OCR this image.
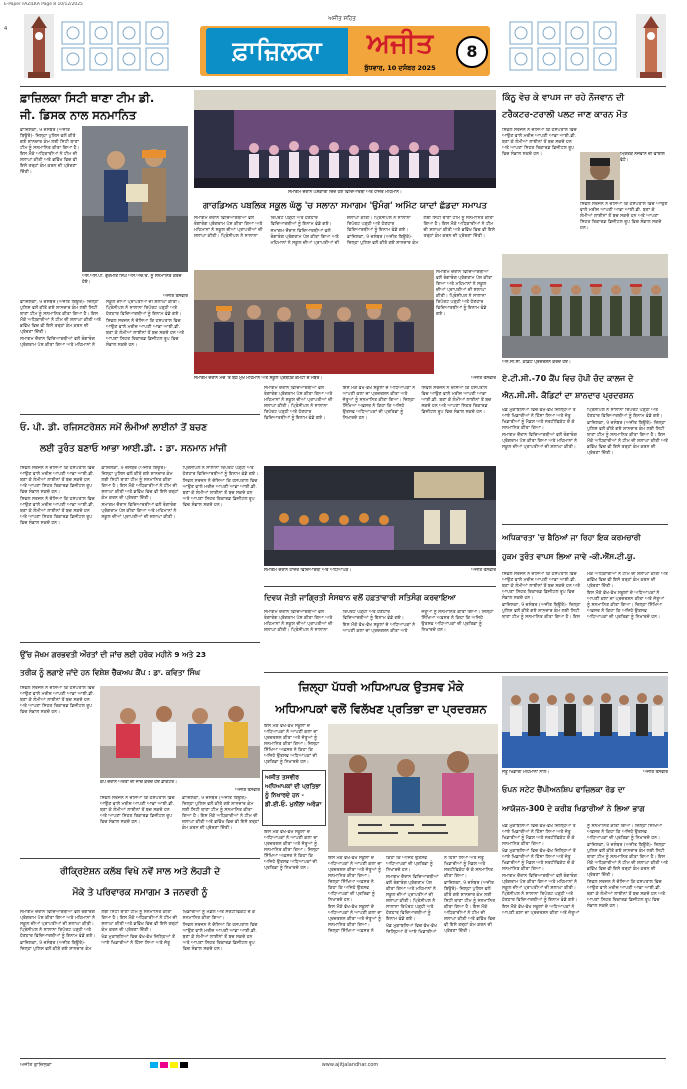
E-Paper FAZILKA Page 8 10/12/2025
4
ਅਜੀਤ ਸਹਿਤ
ਫ਼ਾਜ਼ਿਲਕਾ	ਅਜੀਤ
ਬੁੱਧਵਾਰ, 10 ਦਸੰਬਰ 2025
8
ਫ਼ਾਜ਼ਿਲਕਾ ਸਿਟੀ ਥਾਣਾ ਟੀਮ ਡੀ.
ਜੀ. ਡਿਸਕ ਨਾਲ ਸਨਮਾਨਿਤ
ਫ਼ਾਜ਼ਿਲਕਾ, 9 ਦਸੰਬਰ (ਅਜੀਤ ਬਿਊਰੋ)- ਜ਼ਿਲ੍ਹਾ ਪੁਲਿਸ ਵਲੋਂ ਕੀਤੇ ਗਏ ਸ਼ਾਨਦਾਰ ਕੰਮ ਲਈ ਸਿਟੀ ਥਾਣਾ ਟੀਮ ਨੂੰ ਸਨਮਾਨਿਤ ਕੀਤਾ ਗਿਆ ਹੈ। ਇਸ ਮੌਕੇ ਅਧਿਕਾਰੀਆਂ ਨੇ ਟੀਮ ਦੀ ਸ਼ਲਾਘਾ ਕੀਤੀ ਅਤੇ ਭਵਿੱਖ ਵਿਚ ਵੀ ਇਸੇ ਤਰ੍ਹਾਂ ਕੰਮ ਕਰਨ ਦੀ ਪ੍ਰੇਰਣਾ ਦਿੱਤੀ।
ਐਸ.ਐਸ.ਪੀ. ਗੁਰਮੀਤ ਸਿੰਘ ਐਸ.ਐਚ.ਓ. ਨੂੰ ਸਨਮਾਨਿਤ ਕਰਦੇ ਹੋਏ।
ਅਜੀਤ ਤਸਵੀਰ

ਫ਼ਾਜ਼ਿਲਕਾ, 9 ਦਸੰਬਰ (ਅਜੀਤ ਬਿਊਰੋ)- ਜ਼ਿਲ੍ਹਾ ਪੁਲਿਸ ਵਲੋਂ ਕੀਤੇ ਗਏ ਸ਼ਾਨਦਾਰ ਕੰਮ ਲਈ ਸਿਟੀ ਥਾਣਾ ਟੀਮ ਨੂੰ ਸਨਮਾਨਿਤ ਕੀਤਾ ਗਿਆ ਹੈ। ਇਸ ਮੌਕੇ ਅਧਿਕਾਰੀਆਂ ਨੇ ਟੀਮ ਦੀ ਸ਼ਲਾਘਾ ਕੀਤੀ ਅਤੇ ਭਵਿੱਖ ਵਿਚ ਵੀ ਇਸੇ ਤਰ੍ਹਾਂ ਕੰਮ ਕਰਨ ਦੀ ਪ੍ਰੇਰਣਾ ਦਿੱਤੀ।

ਸਮਾਗਮ ਦੌਰਾਨ ਵਿਦਿਆਰਥੀਆਂ ਵਲੋਂ ਰੰਗਾਰੰਗ ਪ੍ਰੋਗਰਾਮ ਪੇਸ਼ ਕੀਤਾ ਗਿਆ ਅਤੇ ਮਹਿਮਾਨਾਂ ਨੇ ਸਕੂਲ ਦੀਆਂ ਪ੍ਰਾਪਤੀਆਂ ਦੀ ਸ਼ਲਾਘਾ ਕੀਤੀ। ਪ੍ਰਿੰਸੀਪਲ ਨੇ ਸਾਲਾਨਾ ਰਿਪੋਰਟ ਪੜ੍ਹੀ ਅਤੇ ਹੋਣਹਾਰ ਵਿਦਿਆਰਥੀਆਂ ਨੂੰ ਇਨਾਮ ਵੰਡੇ ਗਏ।

ਸਿਵਲ ਸਰਜਨ ਨੇ ਦੱਸਿਆ ਕਿ ਹਸਪਤਾਲ ਵਿਚ ਆਉਣ ਵਾਲੇ ਮਰੀਜ਼ ਆਪਣੀ ਆਭਾ ਆਈ.ਡੀ. ਬਣਾ ਕੇ ਲੰਮੀਆਂ ਲਾਈਨਾਂ ਤੋਂ ਬਚ ਸਕਦੇ ਹਨ ਅਤੇ ਆਪਣਾ ਸਿਹਤ ਰਿਕਾਰਡ ਡਿਜੀਟਲ ਰੂਪ ਵਿਚ ਸੰਭਾਲ ਸਕਦੇ ਹਨ।

ਸਮਾਗਮ ਦੌਰਾਨ ਪੇਸ਼ਕਾਰੀ ਦਿੰਦੇ ਹੋਏ ਵਿਦਿਆਰਥੀ ਅਤੇ ਹਾਜ਼ਰ ਮਹਿਮਾਨ।
ਗਾਰਡਿਅਨ ਪਬਲਿਕ ਸਕੂਲ ਘੱਲੂ 'ਚ ਸਲਾਨਾ ਸਮਾਗਮ 'ਉਮੰਗ' ਅਮਿੱਟ ਯਾਦਾਂ ਛੱਡਦਾ ਸਮਾਪਤ

ਸਮਾਗਮ ਦੌਰਾਨ ਵਿਦਿਆਰਥੀਆਂ ਵਲੋਂ ਰੰਗਾਰੰਗ ਪ੍ਰੋਗਰਾਮ ਪੇਸ਼ ਕੀਤਾ ਗਿਆ ਅਤੇ ਮਹਿਮਾਨਾਂ ਨੇ ਸਕੂਲ ਦੀਆਂ ਪ੍ਰਾਪਤੀਆਂ ਦੀ ਸ਼ਲਾਘਾ ਕੀਤੀ। ਪ੍ਰਿੰਸੀਪਲ ਨੇ ਸਾਲਾਨਾ ਰਿਪੋਰਟ ਪੜ੍ਹੀ ਅਤੇ ਹੋਣਹਾਰ ਵਿਦਿਆਰਥੀਆਂ ਨੂੰ ਇਨਾਮ ਵੰਡੇ ਗਏ।

ਸਮਾਗਮ ਦੌਰਾਨ ਵਿਦਿਆਰਥੀਆਂ ਵਲੋਂ ਰੰਗਾਰੰਗ ਪ੍ਰੋਗਰਾਮ ਪੇਸ਼ ਕੀਤਾ ਗਿਆ ਅਤੇ ਮਹਿਮਾਨਾਂ ਨੇ ਸਕੂਲ ਦੀਆਂ ਪ੍ਰਾਪਤੀਆਂ ਦੀ ਸ਼ਲਾਘਾ ਕੀਤੀ। ਪ੍ਰਿੰਸੀਪਲ ਨੇ ਸਾਲਾਨਾ ਰਿਪੋਰਟ ਪੜ੍ਹੀ ਅਤੇ ਹੋਣਹਾਰ ਵਿਦਿਆਰਥੀਆਂ ਨੂੰ ਇਨਾਮ ਵੰਡੇ ਗਏ।

ਫ਼ਾਜ਼ਿਲਕਾ, 9 ਦਸੰਬਰ (ਅਜੀਤ ਬਿਊਰੋ)- ਜ਼ਿਲ੍ਹਾ ਪੁਲਿਸ ਵਲੋਂ ਕੀਤੇ ਗਏ ਸ਼ਾਨਦਾਰ ਕੰਮ ਲਈ ਸਿਟੀ ਥਾਣਾ ਟੀਮ ਨੂੰ ਸਨਮਾਨਿਤ ਕੀਤਾ ਗਿਆ ਹੈ। ਇਸ ਮੌਕੇ ਅਧਿਕਾਰੀਆਂ ਨੇ ਟੀਮ ਦੀ ਸ਼ਲਾਘਾ ਕੀਤੀ ਅਤੇ ਭਵਿੱਖ ਵਿਚ ਵੀ ਇਸੇ ਤਰ੍ਹਾਂ ਕੰਮ ਕਰਨ ਦੀ ਪ੍ਰੇਰਣਾ ਦਿੱਤੀ।

ਸਮਾਗਮ ਦੌਰਾਨ ਵਿਦਿਆਰਥੀਆਂ ਵਲੋਂ ਰੰਗਾਰੰਗ ਪ੍ਰੋਗਰਾਮ ਪੇਸ਼ ਕੀਤਾ ਗਿਆ ਅਤੇ ਮਹਿਮਾਨਾਂ ਨੇ ਸਕੂਲ ਦੀਆਂ ਪ੍ਰਾਪਤੀਆਂ ਦੀ ਸ਼ਲਾਘਾ ਕੀਤੀ। ਪ੍ਰਿੰਸੀਪਲ ਨੇ ਸਾਲਾਨਾ ਰਿਪੋਰਟ ਪੜ੍ਹੀ ਅਤੇ ਹੋਣਹਾਰ ਵਿਦਿਆਰਥੀਆਂ ਨੂੰ ਇਨਾਮ ਵੰਡੇ ਗਏ।
ਸਮਾਗਮ ਦੌਰਾਨ ਮੰਚ 'ਤੇ ਬੈਠੇ ਮੁੱਖ ਮਹਿਮਾਨ ਅਤੇ ਸਕੂਲ ਪ੍ਰਬੰਧਕ ਕਮੇਟੀ ਦੇ ਮੈਂਬਰ।	ਅਜੀਤ ਤਸਵੀਰ
ਕਿੰਨੂ ਵੇਚ ਕੇ ਵਾਪਸ ਜਾ ਰਹੇ ਨੌਜਵਾਨ ਦੀ
ਟਰੈਕਟਰ-ਟਰਾਲੀ ਪਲਟ ਜਾਣ ਕਾਰਨ ਮੌਤ
ਸਿਵਲ ਸਰਜਨ ਨੇ ਦੱਸਿਆ ਕਿ ਹਸਪਤਾਲ ਵਿਚ ਆਉਣ ਵਾਲੇ ਮਰੀਜ਼ ਆਪਣੀ ਆਭਾ ਆਈ.ਡੀ. ਬਣਾ ਕੇ ਲੰਮੀਆਂ ਲਾਈਨਾਂ ਤੋਂ ਬਚ ਸਕਦੇ ਹਨ ਅਤੇ ਆਪਣਾ ਸਿਹਤ ਰਿਕਾਰਡ ਡਿਜੀਟਲ ਰੂਪ ਵਿਚ ਸੰਭਾਲ ਸਕਦੇ ਹਨ।	ਮ੍ਰਿਤਕ ਨੌਜਵਾਨ ਦੀ ਫਾਈਲ ਫੋਟੋ।
ਸਿਵਲ ਸਰਜਨ ਨੇ ਦੱਸਿਆ ਕਿ ਹਸਪਤਾਲ ਵਿਚ ਆਉਣ ਵਾਲੇ ਮਰੀਜ਼ ਆਪਣੀ ਆਭਾ ਆਈ.ਡੀ. ਬਣਾ ਕੇ ਲੰਮੀਆਂ ਲਾਈਨਾਂ ਤੋਂ ਬਚ ਸਕਦੇ ਹਨ ਅਤੇ ਆਪਣਾ ਸਿਹਤ ਰਿਕਾਰਡ ਡਿਜੀਟਲ ਰੂਪ ਵਿਚ ਸੰਭਾਲ ਸਕਦੇ ਹਨ।
ਐਨ.ਸੀ.ਸੀ. ਕੈਡਿਟ ਪ੍ਰਦਰਸ਼ਨ ਕਰਦੇ ਹੋਏ।
ਏ.ਟੀ.ਸੀ.-70 ਕੈਂਪ ਵਿਚ ਹੋਪੀ ਚੰਦ ਕਾਲਜ ਦੇ
ਐਨ.ਸੀ.ਸੀ. ਕੈਡਿਟਾਂ ਦਾ ਸ਼ਾਨਦਾਰ ਪ੍ਰਦਰਸ਼ਨ

ਖੇਡ ਮੁਕਾਬਲਿਆਂ ਵਿਚ ਵੱਖ-ਵੱਖ ਜ਼ਿਲ੍ਹਿਆਂ ਤੋਂ ਆਏ ਖਿਡਾਰੀਆਂ ਨੇ ਹਿੱਸਾ ਲਿਆ ਅਤੇ ਜੇਤੂ ਖਿਡਾਰੀਆਂ ਨੂੰ ਮੈਡਲ ਅਤੇ ਸਰਟੀਫਿਕੇਟ ਦੇ ਕੇ ਸਨਮਾਨਿਤ ਕੀਤਾ ਗਿਆ।

ਸਮਾਗਮ ਦੌਰਾਨ ਵਿਦਿਆਰਥੀਆਂ ਵਲੋਂ ਰੰਗਾਰੰਗ ਪ੍ਰੋਗਰਾਮ ਪੇਸ਼ ਕੀਤਾ ਗਿਆ ਅਤੇ ਮਹਿਮਾਨਾਂ ਨੇ ਸਕੂਲ ਦੀਆਂ ਪ੍ਰਾਪਤੀਆਂ ਦੀ ਸ਼ਲਾਘਾ ਕੀਤੀ। ਪ੍ਰਿੰਸੀਪਲ ਨੇ ਸਾਲਾਨਾ ਰਿਪੋਰਟ ਪੜ੍ਹੀ ਅਤੇ ਹੋਣਹਾਰ ਵਿਦਿਆਰਥੀਆਂ ਨੂੰ ਇਨਾਮ ਵੰਡੇ ਗਏ।

ਫ਼ਾਜ਼ਿਲਕਾ, 9 ਦਸੰਬਰ (ਅਜੀਤ ਬਿਊਰੋ)- ਜ਼ਿਲ੍ਹਾ ਪੁਲਿਸ ਵਲੋਂ ਕੀਤੇ ਗਏ ਸ਼ਾਨਦਾਰ ਕੰਮ ਲਈ ਸਿਟੀ ਥਾਣਾ ਟੀਮ ਨੂੰ ਸਨਮਾਨਿਤ ਕੀਤਾ ਗਿਆ ਹੈ। ਇਸ ਮੌਕੇ ਅਧਿਕਾਰੀਆਂ ਨੇ ਟੀਮ ਦੀ ਸ਼ਲਾਘਾ ਕੀਤੀ ਅਤੇ ਭਵਿੱਖ ਵਿਚ ਵੀ ਇਸੇ ਤਰ੍ਹਾਂ ਕੰਮ ਕਰਨ ਦੀ ਪ੍ਰੇਰਣਾ ਦਿੱਤੀ।

ਸਮਾਗਮ ਦੌਰਾਨ ਵਿਦਿਆਰਥੀਆਂ ਵਲੋਂ ਰੰਗਾਰੰਗ ਪ੍ਰੋਗਰਾਮ ਪੇਸ਼ ਕੀਤਾ ਗਿਆ ਅਤੇ ਮਹਿਮਾਨਾਂ ਨੇ ਸਕੂਲ ਦੀਆਂ ਪ੍ਰਾਪਤੀਆਂ ਦੀ ਸ਼ਲਾਘਾ ਕੀਤੀ। ਪ੍ਰਿੰਸੀਪਲ ਨੇ ਸਾਲਾਨਾ ਰਿਪੋਰਟ ਪੜ੍ਹੀ ਅਤੇ ਹੋਣਹਾਰ ਵਿਦਿਆਰਥੀਆਂ ਨੂੰ ਇਨਾਮ ਵੰਡੇ ਗਏ।

ਇਸ ਮੌਕੇ ਵੱਖ-ਵੱਖ ਸਕੂਲਾਂ ਦੇ ਅਧਿਆਪਕਾਂ ਨੇ ਆਪਣੀ ਕਲਾ ਦਾ ਪ੍ਰਦਰਸ਼ਨ ਕੀਤਾ ਅਤੇ ਜੇਤੂਆਂ ਨੂੰ ਸਨਮਾਨਿਤ ਕੀਤਾ ਗਿਆ। ਜ਼ਿਲ੍ਹਾ ਸਿੱਖਿਆ ਅਫ਼ਸਰ ਨੇ ਕਿਹਾ ਕਿ ਅਜਿਹੇ ਉਤਸਵ ਅਧਿਆਪਕਾਂ ਦੀ ਪ੍ਰਤਿਭਾ ਨੂੰ ਨਿਖਾਰਦੇ ਹਨ।

ਸਿਵਲ ਸਰਜਨ ਨੇ ਦੱਸਿਆ ਕਿ ਹਸਪਤਾਲ ਵਿਚ ਆਉਣ ਵਾਲੇ ਮਰੀਜ਼ ਆਪਣੀ ਆਭਾ ਆਈ.ਡੀ. ਬਣਾ ਕੇ ਲੰਮੀਆਂ ਲਾਈਨਾਂ ਤੋਂ ਬਚ ਸਕਦੇ ਹਨ ਅਤੇ ਆਪਣਾ ਸਿਹਤ ਰਿਕਾਰਡ ਡਿਜੀਟਲ ਰੂਪ ਵਿਚ ਸੰਭਾਲ ਸਕਦੇ ਹਨ।

ਓ. ਪੀ. ਡੀ. ਰਜਿਸਟਰੇਸ਼ਨ ਸਮੇਂ ਲੰਮੀਆਂ ਲਾਈਨਾਂ ਤੋਂ ਬਚਣ
ਲਈ ਤੁਰੰਤ ਬਣਾਓ ਆਭਾ ਆਈ.ਡੀ. : ਡਾ. ਸਨਮਾਨ ਮਾਂਜੀ

ਸਿਵਲ ਸਰਜਨ ਨੇ ਦੱਸਿਆ ਕਿ ਹਸਪਤਾਲ ਵਿਚ ਆਉਣ ਵਾਲੇ ਮਰੀਜ਼ ਆਪਣੀ ਆਭਾ ਆਈ.ਡੀ. ਬਣਾ ਕੇ ਲੰਮੀਆਂ ਲਾਈਨਾਂ ਤੋਂ ਬਚ ਸਕਦੇ ਹਨ ਅਤੇ ਆਪਣਾ ਸਿਹਤ ਰਿਕਾਰਡ ਡਿਜੀਟਲ ਰੂਪ ਵਿਚ ਸੰਭਾਲ ਸਕਦੇ ਹਨ।

ਸਿਵਲ ਸਰਜਨ ਨੇ ਦੱਸਿਆ ਕਿ ਹਸਪਤਾਲ ਵਿਚ ਆਉਣ ਵਾਲੇ ਮਰੀਜ਼ ਆਪਣੀ ਆਭਾ ਆਈ.ਡੀ. ਬਣਾ ਕੇ ਲੰਮੀਆਂ ਲਾਈਨਾਂ ਤੋਂ ਬਚ ਸਕਦੇ ਹਨ ਅਤੇ ਆਪਣਾ ਸਿਹਤ ਰਿਕਾਰਡ ਡਿਜੀਟਲ ਰੂਪ ਵਿਚ ਸੰਭਾਲ ਸਕਦੇ ਹਨ।

ਫ਼ਾਜ਼ਿਲਕਾ, 9 ਦਸੰਬਰ (ਅਜੀਤ ਬਿਊਰੋ)- ਜ਼ਿਲ੍ਹਾ ਪੁਲਿਸ ਵਲੋਂ ਕੀਤੇ ਗਏ ਸ਼ਾਨਦਾਰ ਕੰਮ ਲਈ ਸਿਟੀ ਥਾਣਾ ਟੀਮ ਨੂੰ ਸਨਮਾਨਿਤ ਕੀਤਾ ਗਿਆ ਹੈ। ਇਸ ਮੌਕੇ ਅਧਿਕਾਰੀਆਂ ਨੇ ਟੀਮ ਦੀ ਸ਼ਲਾਘਾ ਕੀਤੀ ਅਤੇ ਭਵਿੱਖ ਵਿਚ ਵੀ ਇਸੇ ਤਰ੍ਹਾਂ ਕੰਮ ਕਰਨ ਦੀ ਪ੍ਰੇਰਣਾ ਦਿੱਤੀ।

ਸਮਾਗਮ ਦੌਰਾਨ ਵਿਦਿਆਰਥੀਆਂ ਵਲੋਂ ਰੰਗਾਰੰਗ ਪ੍ਰੋਗਰਾਮ ਪੇਸ਼ ਕੀਤਾ ਗਿਆ ਅਤੇ ਮਹਿਮਾਨਾਂ ਨੇ ਸਕੂਲ ਦੀਆਂ ਪ੍ਰਾਪਤੀਆਂ ਦੀ ਸ਼ਲਾਘਾ ਕੀਤੀ। ਪ੍ਰਿੰਸੀਪਲ ਨੇ ਸਾਲਾਨਾ ਰਿਪੋਰਟ ਪੜ੍ਹੀ ਅਤੇ ਹੋਣਹਾਰ ਵਿਦਿਆਰਥੀਆਂ ਨੂੰ ਇਨਾਮ ਵੰਡੇ ਗਏ।

ਸਿਵਲ ਸਰਜਨ ਨੇ ਦੱਸਿਆ ਕਿ ਹਸਪਤਾਲ ਵਿਚ ਆਉਣ ਵਾਲੇ ਮਰੀਜ਼ ਆਪਣੀ ਆਭਾ ਆਈ.ਡੀ. ਬਣਾ ਕੇ ਲੰਮੀਆਂ ਲਾਈਨਾਂ ਤੋਂ ਬਚ ਸਕਦੇ ਹਨ ਅਤੇ ਆਪਣਾ ਸਿਹਤ ਰਿਕਾਰਡ ਡਿਜੀਟਲ ਰੂਪ ਵਿਚ ਸੰਭਾਲ ਸਕਦੇ ਹਨ।

ਸਮਾਗਮ ਦੌਰਾਨ ਹਾਜ਼ਰ ਵਿਦਿਆਰਥੀ ਅਤੇ ਅਧਿਆਪਕ।	ਅਜੀਤ ਤਸਵੀਰ
ਦਿਵਯ ਜੋਤੀ ਜਾਗ੍ਰਿਤੀ ਸੰਸਥਾਨ ਵਲੋਂ ਹਫ਼ਤਾਵਾਰੀ ਸਤਿਸੰਗ ਕਰਵਾਇਆ

ਸਮਾਗਮ ਦੌਰਾਨ ਵਿਦਿਆਰਥੀਆਂ ਵਲੋਂ ਰੰਗਾਰੰਗ ਪ੍ਰੋਗਰਾਮ ਪੇਸ਼ ਕੀਤਾ ਗਿਆ ਅਤੇ ਮਹਿਮਾਨਾਂ ਨੇ ਸਕੂਲ ਦੀਆਂ ਪ੍ਰਾਪਤੀਆਂ ਦੀ ਸ਼ਲਾਘਾ ਕੀਤੀ। ਪ੍ਰਿੰਸੀਪਲ ਨੇ ਸਾਲਾਨਾ ਰਿਪੋਰਟ ਪੜ੍ਹੀ ਅਤੇ ਹੋਣਹਾਰ ਵਿਦਿਆਰਥੀਆਂ ਨੂੰ ਇਨਾਮ ਵੰਡੇ ਗਏ।

ਇਸ ਮੌਕੇ ਵੱਖ-ਵੱਖ ਸਕੂਲਾਂ ਦੇ ਅਧਿਆਪਕਾਂ ਨੇ ਆਪਣੀ ਕਲਾ ਦਾ ਪ੍ਰਦਰਸ਼ਨ ਕੀਤਾ ਅਤੇ ਜੇਤੂਆਂ ਨੂੰ ਸਨਮਾਨਿਤ ਕੀਤਾ ਗਿਆ। ਜ਼ਿਲ੍ਹਾ ਸਿੱਖਿਆ ਅਫ਼ਸਰ ਨੇ ਕਿਹਾ ਕਿ ਅਜਿਹੇ ਉਤਸਵ ਅਧਿਆਪਕਾਂ ਦੀ ਪ੍ਰਤਿਭਾ ਨੂੰ ਨਿਖਾਰਦੇ ਹਨ।

ਅਧਿਕਾਰਤਾ 'ਚ ਬੈਠਿਆਂ ਜਾ ਰਿਹਾ ਇਕ ਕਰਮਚਾਰੀ
ਹੁਕਮ ਤੁਰੰਤ ਵਾਪਸ ਲਿਆ ਜਾਵੇ -ਕੀ.ਐੱਸ.ਟੀ.ਯੂ.

ਸਿਵਲ ਸਰਜਨ ਨੇ ਦੱਸਿਆ ਕਿ ਹਸਪਤਾਲ ਵਿਚ ਆਉਣ ਵਾਲੇ ਮਰੀਜ਼ ਆਪਣੀ ਆਭਾ ਆਈ.ਡੀ. ਬਣਾ ਕੇ ਲੰਮੀਆਂ ਲਾਈਨਾਂ ਤੋਂ ਬਚ ਸਕਦੇ ਹਨ ਅਤੇ ਆਪਣਾ ਸਿਹਤ ਰਿਕਾਰਡ ਡਿਜੀਟਲ ਰੂਪ ਵਿਚ ਸੰਭਾਲ ਸਕਦੇ ਹਨ।

ਫ਼ਾਜ਼ਿਲਕਾ, 9 ਦਸੰਬਰ (ਅਜੀਤ ਬਿਊਰੋ)- ਜ਼ਿਲ੍ਹਾ ਪੁਲਿਸ ਵਲੋਂ ਕੀਤੇ ਗਏ ਸ਼ਾਨਦਾਰ ਕੰਮ ਲਈ ਸਿਟੀ ਥਾਣਾ ਟੀਮ ਨੂੰ ਸਨਮਾਨਿਤ ਕੀਤਾ ਗਿਆ ਹੈ। ਇਸ ਮੌਕੇ ਅਧਿਕਾਰੀਆਂ ਨੇ ਟੀਮ ਦੀ ਸ਼ਲਾਘਾ ਕੀਤੀ ਅਤੇ ਭਵਿੱਖ ਵਿਚ ਵੀ ਇਸੇ ਤਰ੍ਹਾਂ ਕੰਮ ਕਰਨ ਦੀ ਪ੍ਰੇਰਣਾ ਦਿੱਤੀ।

ਇਸ ਮੌਕੇ ਵੱਖ-ਵੱਖ ਸਕੂਲਾਂ ਦੇ ਅਧਿਆਪਕਾਂ ਨੇ ਆਪਣੀ ਕਲਾ ਦਾ ਪ੍ਰਦਰਸ਼ਨ ਕੀਤਾ ਅਤੇ ਜੇਤੂਆਂ ਨੂੰ ਸਨਮਾਨਿਤ ਕੀਤਾ ਗਿਆ। ਜ਼ਿਲ੍ਹਾ ਸਿੱਖਿਆ ਅਫ਼ਸਰ ਨੇ ਕਿਹਾ ਕਿ ਅਜਿਹੇ ਉਤਸਵ ਅਧਿਆਪਕਾਂ ਦੀ ਪ੍ਰਤਿਭਾ ਨੂੰ ਨਿਖਾਰਦੇ ਹਨ।

ਉੱਚ ਜੋਖਮ ਗਰਭਵਤੀ ਔਰਤਾਂ ਦੀ ਜਾਂਚ ਲਈ ਹਰੇਕ ਮਹੀਨੇ 9 ਅਤੇ 23
ਤਰੀਕ ਨੂੰ ਲਗਾਏ ਜਾਂਦੇ ਹਨ ਵਿਸ਼ੇਸ਼ ਚੈੱਕਅਪ ਕੈਂਪ : ਡਾ. ਕਵਿਤਾ ਸਿੰਘ
ਸਿਵਲ ਸਰਜਨ ਨੇ ਦੱਸਿਆ ਕਿ ਹਸਪਤਾਲ ਵਿਚ ਆਉਣ ਵਾਲੇ ਮਰੀਜ਼ ਆਪਣੀ ਆਭਾ ਆਈ.ਡੀ. ਬਣਾ ਕੇ ਲੰਮੀਆਂ ਲਾਈਨਾਂ ਤੋਂ ਬਚ ਸਕਦੇ ਹਨ ਅਤੇ ਆਪਣਾ ਸਿਹਤ ਰਿਕਾਰਡ ਡਿਜੀਟਲ ਰੂਪ ਵਿਚ ਸੰਭਾਲ ਸਕਦੇ ਹਨ।
ਕੈਂਪ ਦੌਰਾਨ ਔਰਤਾਂ ਦੀ ਜਾਂਚ ਕਰਦੇ ਹੋਏ ਡਾਕਟਰ।
ਅਜੀਤ ਤਸਵੀਰ

ਸਿਵਲ ਸਰਜਨ ਨੇ ਦੱਸਿਆ ਕਿ ਹਸਪਤਾਲ ਵਿਚ ਆਉਣ ਵਾਲੇ ਮਰੀਜ਼ ਆਪਣੀ ਆਭਾ ਆਈ.ਡੀ. ਬਣਾ ਕੇ ਲੰਮੀਆਂ ਲਾਈਨਾਂ ਤੋਂ ਬਚ ਸਕਦੇ ਹਨ ਅਤੇ ਆਪਣਾ ਸਿਹਤ ਰਿਕਾਰਡ ਡਿਜੀਟਲ ਰੂਪ ਵਿਚ ਸੰਭਾਲ ਸਕਦੇ ਹਨ।

ਫ਼ਾਜ਼ਿਲਕਾ, 9 ਦਸੰਬਰ (ਅਜੀਤ ਬਿਊਰੋ)- ਜ਼ਿਲ੍ਹਾ ਪੁਲਿਸ ਵਲੋਂ ਕੀਤੇ ਗਏ ਸ਼ਾਨਦਾਰ ਕੰਮ ਲਈ ਸਿਟੀ ਥਾਣਾ ਟੀਮ ਨੂੰ ਸਨਮਾਨਿਤ ਕੀਤਾ ਗਿਆ ਹੈ। ਇਸ ਮੌਕੇ ਅਧਿਕਾਰੀਆਂ ਨੇ ਟੀਮ ਦੀ ਸ਼ਲਾਘਾ ਕੀਤੀ ਅਤੇ ਭਵਿੱਖ ਵਿਚ ਵੀ ਇਸੇ ਤਰ੍ਹਾਂ ਕੰਮ ਕਰਨ ਦੀ ਪ੍ਰੇਰਣਾ ਦਿੱਤੀ।

ਜ਼ਿਲ੍ਹਾ ਪੱਧਰੀ ਅਧਿਆਪਕ ਉਤਸਵ ਮੌਕੇ
ਅਧਿਆਪਕਾਂ ਵਲੋਂ ਵਿਲੱਖਣ ਪ੍ਰਤਿਭਾ ਦਾ ਪ੍ਰਦਰਸ਼ਨ
ਇਸ ਮੌਕੇ ਵੱਖ-ਵੱਖ ਸਕੂਲਾਂ ਦੇ ਅਧਿਆਪਕਾਂ ਨੇ ਆਪਣੀ ਕਲਾ ਦਾ ਪ੍ਰਦਰਸ਼ਨ ਕੀਤਾ ਅਤੇ ਜੇਤੂਆਂ ਨੂੰ ਸਨਮਾਨਿਤ ਕੀਤਾ ਗਿਆ। ਜ਼ਿਲ੍ਹਾ ਸਿੱਖਿਆ ਅਫ਼ਸਰ ਨੇ ਕਿਹਾ ਕਿ ਅਜਿਹੇ ਉਤਸਵ ਅਧਿਆਪਕਾਂ ਦੀ ਪ੍ਰਤਿਭਾ ਨੂੰ ਨਿਖਾਰਦੇ ਹਨ।
ਅਜੀਤ ਤਸਵੀਰ ਅਧਿਆਪਕਾਂ ਦੀ ਪ੍ਰਤਿਭਾ ਨੂੰ ਨਿਖਾਰਦੇ ਹਨ - ਡੀ.ਈ.ਓ. ਮੁਨੀਲਾ ਅਰੋੜਾ
ਇਸ ਮੌਕੇ ਵੱਖ-ਵੱਖ ਸਕੂਲਾਂ ਦੇ ਅਧਿਆਪਕਾਂ ਨੇ ਆਪਣੀ ਕਲਾ ਦਾ ਪ੍ਰਦਰਸ਼ਨ ਕੀਤਾ ਅਤੇ ਜੇਤੂਆਂ ਨੂੰ ਸਨਮਾਨਿਤ ਕੀਤਾ ਗਿਆ। ਜ਼ਿਲ੍ਹਾ ਸਿੱਖਿਆ ਅਫ਼ਸਰ ਨੇ ਕਿਹਾ ਕਿ ਅਜਿਹੇ ਉਤਸਵ ਅਧਿਆਪਕਾਂ ਦੀ ਪ੍ਰਤਿਭਾ ਨੂੰ ਨਿਖਾਰਦੇ ਹਨ।

ਇਸ ਮੌਕੇ ਵੱਖ-ਵੱਖ ਸਕੂਲਾਂ ਦੇ ਅਧਿਆਪਕਾਂ ਨੇ ਆਪਣੀ ਕਲਾ ਦਾ ਪ੍ਰਦਰਸ਼ਨ ਕੀਤਾ ਅਤੇ ਜੇਤੂਆਂ ਨੂੰ ਸਨਮਾਨਿਤ ਕੀਤਾ ਗਿਆ। ਜ਼ਿਲ੍ਹਾ ਸਿੱਖਿਆ ਅਫ਼ਸਰ ਨੇ ਕਿਹਾ ਕਿ ਅਜਿਹੇ ਉਤਸਵ ਅਧਿਆਪਕਾਂ ਦੀ ਪ੍ਰਤਿਭਾ ਨੂੰ ਨਿਖਾਰਦੇ ਹਨ।

ਇਸ ਮੌਕੇ ਵੱਖ-ਵੱਖ ਸਕੂਲਾਂ ਦੇ ਅਧਿਆਪਕਾਂ ਨੇ ਆਪਣੀ ਕਲਾ ਦਾ ਪ੍ਰਦਰਸ਼ਨ ਕੀਤਾ ਅਤੇ ਜੇਤੂਆਂ ਨੂੰ ਸਨਮਾਨਿਤ ਕੀਤਾ ਗਿਆ। ਜ਼ਿਲ੍ਹਾ ਸਿੱਖਿਆ ਅਫ਼ਸਰ ਨੇ ਕਿਹਾ ਕਿ ਅਜਿਹੇ ਉਤਸਵ ਅਧਿਆਪਕਾਂ ਦੀ ਪ੍ਰਤਿਭਾ ਨੂੰ ਨਿਖਾਰਦੇ ਹਨ।

ਸਮਾਗਮ ਦੌਰਾਨ ਵਿਦਿਆਰਥੀਆਂ ਵਲੋਂ ਰੰਗਾਰੰਗ ਪ੍ਰੋਗਰਾਮ ਪੇਸ਼ ਕੀਤਾ ਗਿਆ ਅਤੇ ਮਹਿਮਾਨਾਂ ਨੇ ਸਕੂਲ ਦੀਆਂ ਪ੍ਰਾਪਤੀਆਂ ਦੀ ਸ਼ਲਾਘਾ ਕੀਤੀ। ਪ੍ਰਿੰਸੀਪਲ ਨੇ ਸਾਲਾਨਾ ਰਿਪੋਰਟ ਪੜ੍ਹੀ ਅਤੇ ਹੋਣਹਾਰ ਵਿਦਿਆਰਥੀਆਂ ਨੂੰ ਇਨਾਮ ਵੰਡੇ ਗਏ।

ਖੇਡ ਮੁਕਾਬਲਿਆਂ ਵਿਚ ਵੱਖ-ਵੱਖ ਜ਼ਿਲ੍ਹਿਆਂ ਤੋਂ ਆਏ ਖਿਡਾਰੀਆਂ ਨੇ ਹਿੱਸਾ ਲਿਆ ਅਤੇ ਜੇਤੂ ਖਿਡਾਰੀਆਂ ਨੂੰ ਮੈਡਲ ਅਤੇ ਸਰਟੀਫਿਕੇਟ ਦੇ ਕੇ ਸਨਮਾਨਿਤ ਕੀਤਾ ਗਿਆ।

ਫ਼ਾਜ਼ਿਲਕਾ, 9 ਦਸੰਬਰ (ਅਜੀਤ ਬਿਊਰੋ)- ਜ਼ਿਲ੍ਹਾ ਪੁਲਿਸ ਵਲੋਂ ਕੀਤੇ ਗਏ ਸ਼ਾਨਦਾਰ ਕੰਮ ਲਈ ਸਿਟੀ ਥਾਣਾ ਟੀਮ ਨੂੰ ਸਨਮਾਨਿਤ ਕੀਤਾ ਗਿਆ ਹੈ। ਇਸ ਮੌਕੇ ਅਧਿਕਾਰੀਆਂ ਨੇ ਟੀਮ ਦੀ ਸ਼ਲਾਘਾ ਕੀਤੀ ਅਤੇ ਭਵਿੱਖ ਵਿਚ ਵੀ ਇਸੇ ਤਰ੍ਹਾਂ ਕੰਮ ਕਰਨ ਦੀ ਪ੍ਰੇਰਣਾ ਦਿੱਤੀ।

ਜੇਤੂ ਖਿਡਾਰੀ ਮਹਿਮਾਨਾਂ ਨਾਲ।	ਅਜੀਤ ਤਸਵੀਰ
ਓਪਨ ਸਟੇਟ ਚੈਂਪੀਅਨਸ਼ਿਪ ਫਾਜ਼ਿਲਕਾ ਰੋਡ ਦਾ
ਆਯੋਜਨ-300 ਦੇ ਕਰੀਬ ਖਿਡਾਰੀਆਂ ਨੇ ਲਿਆ ਭਾਗ

ਖੇਡ ਮੁਕਾਬਲਿਆਂ ਵਿਚ ਵੱਖ-ਵੱਖ ਜ਼ਿਲ੍ਹਿਆਂ ਤੋਂ ਆਏ ਖਿਡਾਰੀਆਂ ਨੇ ਹਿੱਸਾ ਲਿਆ ਅਤੇ ਜੇਤੂ ਖਿਡਾਰੀਆਂ ਨੂੰ ਮੈਡਲ ਅਤੇ ਸਰਟੀਫਿਕੇਟ ਦੇ ਕੇ ਸਨਮਾਨਿਤ ਕੀਤਾ ਗਿਆ।

ਖੇਡ ਮੁਕਾਬਲਿਆਂ ਵਿਚ ਵੱਖ-ਵੱਖ ਜ਼ਿਲ੍ਹਿਆਂ ਤੋਂ ਆਏ ਖਿਡਾਰੀਆਂ ਨੇ ਹਿੱਸਾ ਲਿਆ ਅਤੇ ਜੇਤੂ ਖਿਡਾਰੀਆਂ ਨੂੰ ਮੈਡਲ ਅਤੇ ਸਰਟੀਫਿਕੇਟ ਦੇ ਕੇ ਸਨਮਾਨਿਤ ਕੀਤਾ ਗਿਆ।

ਸਮਾਗਮ ਦੌਰਾਨ ਵਿਦਿਆਰਥੀਆਂ ਵਲੋਂ ਰੰਗਾਰੰਗ ਪ੍ਰੋਗਰਾਮ ਪੇਸ਼ ਕੀਤਾ ਗਿਆ ਅਤੇ ਮਹਿਮਾਨਾਂ ਨੇ ਸਕੂਲ ਦੀਆਂ ਪ੍ਰਾਪਤੀਆਂ ਦੀ ਸ਼ਲਾਘਾ ਕੀਤੀ। ਪ੍ਰਿੰਸੀਪਲ ਨੇ ਸਾਲਾਨਾ ਰਿਪੋਰਟ ਪੜ੍ਹੀ ਅਤੇ ਹੋਣਹਾਰ ਵਿਦਿਆਰਥੀਆਂ ਨੂੰ ਇਨਾਮ ਵੰਡੇ ਗਏ।

ਇਸ ਮੌਕੇ ਵੱਖ-ਵੱਖ ਸਕੂਲਾਂ ਦੇ ਅਧਿਆਪਕਾਂ ਨੇ ਆਪਣੀ ਕਲਾ ਦਾ ਪ੍ਰਦਰਸ਼ਨ ਕੀਤਾ ਅਤੇ ਜੇਤੂਆਂ ਨੂੰ ਸਨਮਾਨਿਤ ਕੀਤਾ ਗਿਆ। ਜ਼ਿਲ੍ਹਾ ਸਿੱਖਿਆ ਅਫ਼ਸਰ ਨੇ ਕਿਹਾ ਕਿ ਅਜਿਹੇ ਉਤਸਵ ਅਧਿਆਪਕਾਂ ਦੀ ਪ੍ਰਤਿਭਾ ਨੂੰ ਨਿਖਾਰਦੇ ਹਨ।

ਫ਼ਾਜ਼ਿਲਕਾ, 9 ਦਸੰਬਰ (ਅਜੀਤ ਬਿਊਰੋ)- ਜ਼ਿਲ੍ਹਾ ਪੁਲਿਸ ਵਲੋਂ ਕੀਤੇ ਗਏ ਸ਼ਾਨਦਾਰ ਕੰਮ ਲਈ ਸਿਟੀ ਥਾਣਾ ਟੀਮ ਨੂੰ ਸਨਮਾਨਿਤ ਕੀਤਾ ਗਿਆ ਹੈ। ਇਸ ਮੌਕੇ ਅਧਿਕਾਰੀਆਂ ਨੇ ਟੀਮ ਦੀ ਸ਼ਲਾਘਾ ਕੀਤੀ ਅਤੇ ਭਵਿੱਖ ਵਿਚ ਵੀ ਇਸੇ ਤਰ੍ਹਾਂ ਕੰਮ ਕਰਨ ਦੀ ਪ੍ਰੇਰਣਾ ਦਿੱਤੀ।

ਸਿਵਲ ਸਰਜਨ ਨੇ ਦੱਸਿਆ ਕਿ ਹਸਪਤਾਲ ਵਿਚ ਆਉਣ ਵਾਲੇ ਮਰੀਜ਼ ਆਪਣੀ ਆਭਾ ਆਈ.ਡੀ. ਬਣਾ ਕੇ ਲੰਮੀਆਂ ਲਾਈਨਾਂ ਤੋਂ ਬਚ ਸਕਦੇ ਹਨ ਅਤੇ ਆਪਣਾ ਸਿਹਤ ਰਿਕਾਰਡ ਡਿਜੀਟਲ ਰੂਪ ਵਿਚ ਸੰਭਾਲ ਸਕਦੇ ਹਨ।

ਰੀਕ੍ਰਿਏਸ਼ਨ ਕਲੱਬ ਵਿਖੇ ਨਵੇਂ ਸਾਲ ਅਤੇ ਲੋਹੜੀ ਦੇ
ਮੌਕੇ ਤੇ ਪਰਿਵਾਰਕ ਸਮਾਗਮ 3 ਜਨਵਰੀ ਨੂੰ

ਸਮਾਗਮ ਦੌਰਾਨ ਵਿਦਿਆਰਥੀਆਂ ਵਲੋਂ ਰੰਗਾਰੰਗ ਪ੍ਰੋਗਰਾਮ ਪੇਸ਼ ਕੀਤਾ ਗਿਆ ਅਤੇ ਮਹਿਮਾਨਾਂ ਨੇ ਸਕੂਲ ਦੀਆਂ ਪ੍ਰਾਪਤੀਆਂ ਦੀ ਸ਼ਲਾਘਾ ਕੀਤੀ। ਪ੍ਰਿੰਸੀਪਲ ਨੇ ਸਾਲਾਨਾ ਰਿਪੋਰਟ ਪੜ੍ਹੀ ਅਤੇ ਹੋਣਹਾਰ ਵਿਦਿਆਰਥੀਆਂ ਨੂੰ ਇਨਾਮ ਵੰਡੇ ਗਏ।

ਫ਼ਾਜ਼ਿਲਕਾ, 9 ਦਸੰਬਰ (ਅਜੀਤ ਬਿਊਰੋ)- ਜ਼ਿਲ੍ਹਾ ਪੁਲਿਸ ਵਲੋਂ ਕੀਤੇ ਗਏ ਸ਼ਾਨਦਾਰ ਕੰਮ ਲਈ ਸਿਟੀ ਥਾਣਾ ਟੀਮ ਨੂੰ ਸਨਮਾਨਿਤ ਕੀਤਾ ਗਿਆ ਹੈ। ਇਸ ਮੌਕੇ ਅਧਿਕਾਰੀਆਂ ਨੇ ਟੀਮ ਦੀ ਸ਼ਲਾਘਾ ਕੀਤੀ ਅਤੇ ਭਵਿੱਖ ਵਿਚ ਵੀ ਇਸੇ ਤਰ੍ਹਾਂ ਕੰਮ ਕਰਨ ਦੀ ਪ੍ਰੇਰਣਾ ਦਿੱਤੀ।

ਖੇਡ ਮੁਕਾਬਲਿਆਂ ਵਿਚ ਵੱਖ-ਵੱਖ ਜ਼ਿਲ੍ਹਿਆਂ ਤੋਂ ਆਏ ਖਿਡਾਰੀਆਂ ਨੇ ਹਿੱਸਾ ਲਿਆ ਅਤੇ ਜੇਤੂ ਖਿਡਾਰੀਆਂ ਨੂੰ ਮੈਡਲ ਅਤੇ ਸਰਟੀਫਿਕੇਟ ਦੇ ਕੇ ਸਨਮਾਨਿਤ ਕੀਤਾ ਗਿਆ।

ਸਿਵਲ ਸਰਜਨ ਨੇ ਦੱਸਿਆ ਕਿ ਹਸਪਤਾਲ ਵਿਚ ਆਉਣ ਵਾਲੇ ਮਰੀਜ਼ ਆਪਣੀ ਆਭਾ ਆਈ.ਡੀ. ਬਣਾ ਕੇ ਲੰਮੀਆਂ ਲਾਈਨਾਂ ਤੋਂ ਬਚ ਸਕਦੇ ਹਨ ਅਤੇ ਆਪਣਾ ਸਿਹਤ ਰਿਕਾਰਡ ਡਿਜੀਟਲ ਰੂਪ ਵਿਚ ਸੰਭਾਲ ਸਕਦੇ ਹਨ।

ਅਜੀਤ ਫ਼ਾਜ਼ਿਲਕਾ	www.ajitjalandhar.com
